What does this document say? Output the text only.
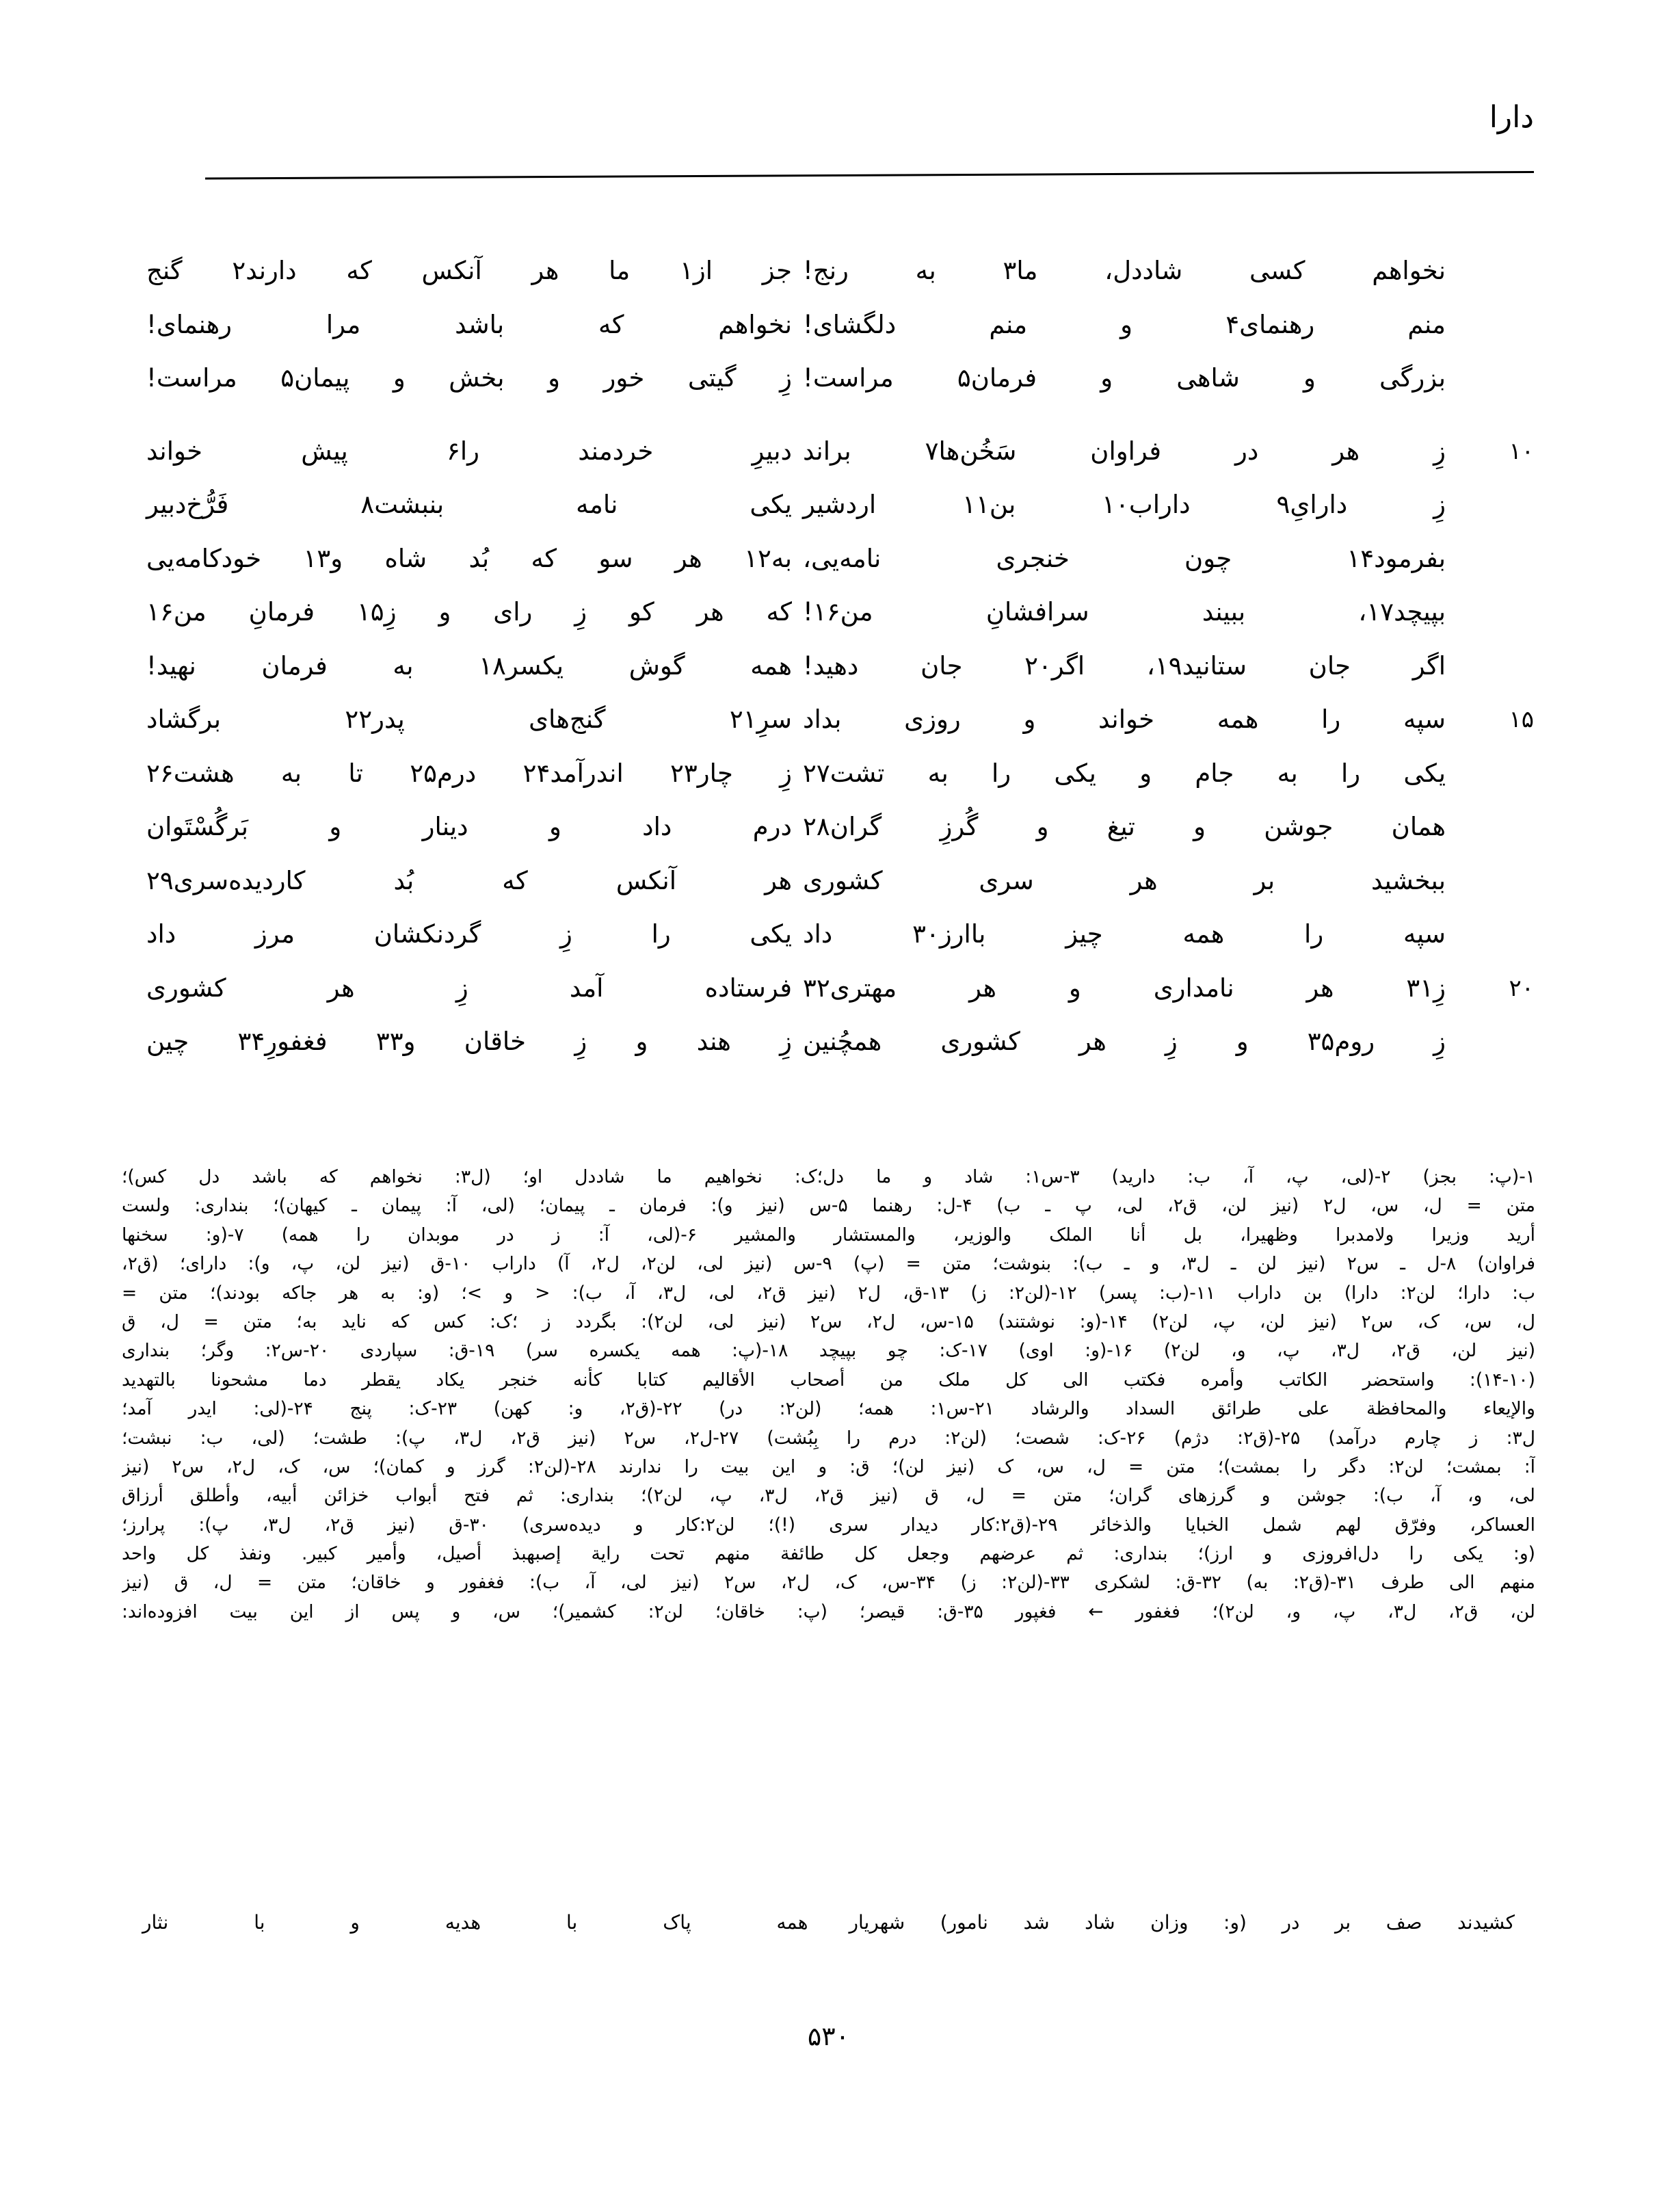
دارا
نخواهم کسی شاددل، ما٣ به رنج!
جز از١ ما هر آنکس که دارند٢ گنج
منم رهنمای۴ و منم دلگشای!
نخواهم که باشد مرا رهنمای!
بزرگی و شاهی و فرمان۵ مراست!
زِ گیتی خور و بخش و پیمان۵ مراست!
١٠
زِ هر در فراوان سَخُن‌ها٧ براند
دبیرِ خردمند را۶ پیش خواند
زِ دارایِ٩ داراب١٠ بن١١ اردشیر
یکی نامه بنبشت٨ فَرُّخ‌دبیر
بفرمود١۴ چون خنجری نامه‌یی،
به١٢ هر سو که بُد شاه و١٣ خودکامه‌یی
بپیچد١٧، ببیند سرافشانِ من١۶!
که هر کو زِ رای و زِ١۵ فرمانِ من١۶
اگر جان ستانید١٩، اگر٢٠ جان دهید!
همه گوش یکسر١٨ به فرمان نهید!
١۵
سپه را همه خواند و روزی بداد
سرِ٢١ گنج‌های پدر٢٢ برگشاد
یکی را به جام و یکی را به تشت٢٧
زِ چار٢٣ اندرآمد٢۴ درم٢۵ تا به هشت٢۶
همان جوشن و تیغ و گُرزِ گران٢٨
درم داد و دینار و بَرگُسْتَوان
ببخشید بر هر سری کشوری
هر آنکس که بُد کاردیده‌سری٢٩
سپه را همه چیز باارز٣٠ داد
یکی را زِ گردنکشان مرز داد
٢٠
زِ٣١ هر نامداری و هر مهتری٣٢
فرستاده آمد زِ هر کشوری
زِ روم٣۵ و زِ هر کشوری همچُنین
زِ هند و زِ خاقان و٣٣ فغفورِ٣۴ چین
١-(پ: بجز) ٢-(لی، پ، آ، ب: دارید) ٣-س١: شاد و ما دل؛ک: نخواهیم ما شاددل او؛ (ل٣: نخواهم که باشد دل کس)؛
متن = ل، س، ل٢ (نیز لن، ق٢، لی، پ ـ ب) ۴-ل: رهنما ۵-س (نیز و): فرمان ـ پیمان؛ (لی، آ: پیمان ـ کیهان)؛ بنداری: ولست
أرید وزیرا ولامدبرا وظهیرا، بل أنا الملک والوزیر، والمستشار والمشیر ۶-(لی، آ: ز در موبدان را همه) ٧-(و: سخنها
فراوان) ٨-ل ـ س٢ (نیز لن ـ ل٣، و ـ ب): بنوشت؛ متن = (پ) ٩-س (نیز لی، لن٢، ل٢، آ) داراب ١٠-ق (نیز لن، پ، و): دارای؛ (ق٢،
ب: دارا؛ لن٢: دارا) بن داراب ١١-(ب: پسر) ١٢-(لن٢: ز) ١٣-ق، ل٢ (نیز ق٢، لی، ل٣، آ، ب): < و >؛ (و: به هر جاکه بودند)؛ متن =
ل، س، ک، س٢ (نیز لن، پ، لن٢) ١۴-(و: نوشتند) ١۵-س، ل٢، س٢ (نیز لی، لن٢): بگردد ز ؛ک: کس که ناید به؛ متن = ل، ق
(نیز لن، ق٢، ل٣، پ، و، لن٢) ١۶-(و: اوی) ١٧-ک: چو بپیچد ١٨-(پ: همه یکسره سر) ١٩-ق: سپاردی ٢٠-س٢: وگر؛ بنداری
(١٠-١۴): واستحضر الکاتب وأمره فکتب الی کل ملک من أصحاب الأقالیم کتابا کأنه خنجر یکاد یقطر دما مشحونا بالتهدید
والإیعاء والمحافظة علی طرائق السداد والرشاد ٢١-س١: همه؛ (لن٢: در) ٢٢-(ق٢، و: کهن) ٢٣-ک: پنج ٢۴-(لی: ایدر آمد؛
ل٣: ز چارم درآمد) ٢۵-(ق٢: دژم) ٢۶-ک: شصت؛ (لن٢: درم را بِبُشت) ٢٧-ل٢، س٢ (نیز ق٢، ل٣، پ): طشت؛ (لی، ب: نبشت؛
آ: بمشت؛ لن٢: دگر را بمشت)؛ متن = ل، س، ک (نیز لن)؛ ق: و این بیت را ندارند ٢٨-(لن٢: گرز و کمان)؛ س، ک، ل٢، س٢ (نیز
لی، و، آ، ب): جوشن و گرزهای گران؛ متن = ل، ق (نیز ق٢، ل٣، پ، لن٢)؛ بنداری: ثم فتح أبواب خزائن أبیه، وأطلق أرزاق
العساکر، وفرّق لهم شمل الخبایا والذخائر ٢٩-(ق٢:کار دیدار سری (!)؛ لن٢:کار و دیده‌سری) ٣٠-ق (نیز ق٢، ل٣، پ): پرارز؛
(و: یکی را دل‌افروزی و ارز)؛ بنداری: ثم عرضهم وجعل کل طائفة منهم تحت رایة إصبهبذ أصیل، وأمیر کبیر. ونفذ کل واحد
منهم الی طرف ٣١-(ق٢: به) ٣٢-ق: لشکری ٣٣-(لن٢: ز) ٣۴-س، ک، ل٢، س٢ (نیز لی، آ، ب): فغفور و خاقان؛ متن = ل، ق (نیز
لن، ق٢، ل٣، پ، و، لن٢)؛ فغفور ← فغپور ٣۵-ق: قیصر؛ (پ: خاقان؛ لن٢: کشمیر)؛ س، و پس از این بیت افزوده‌اند:
کشیدند صف بر در (و: وزان شاد شد نامور) شهریار
همه پاک با هدیه و با نثار
۵۳۰
